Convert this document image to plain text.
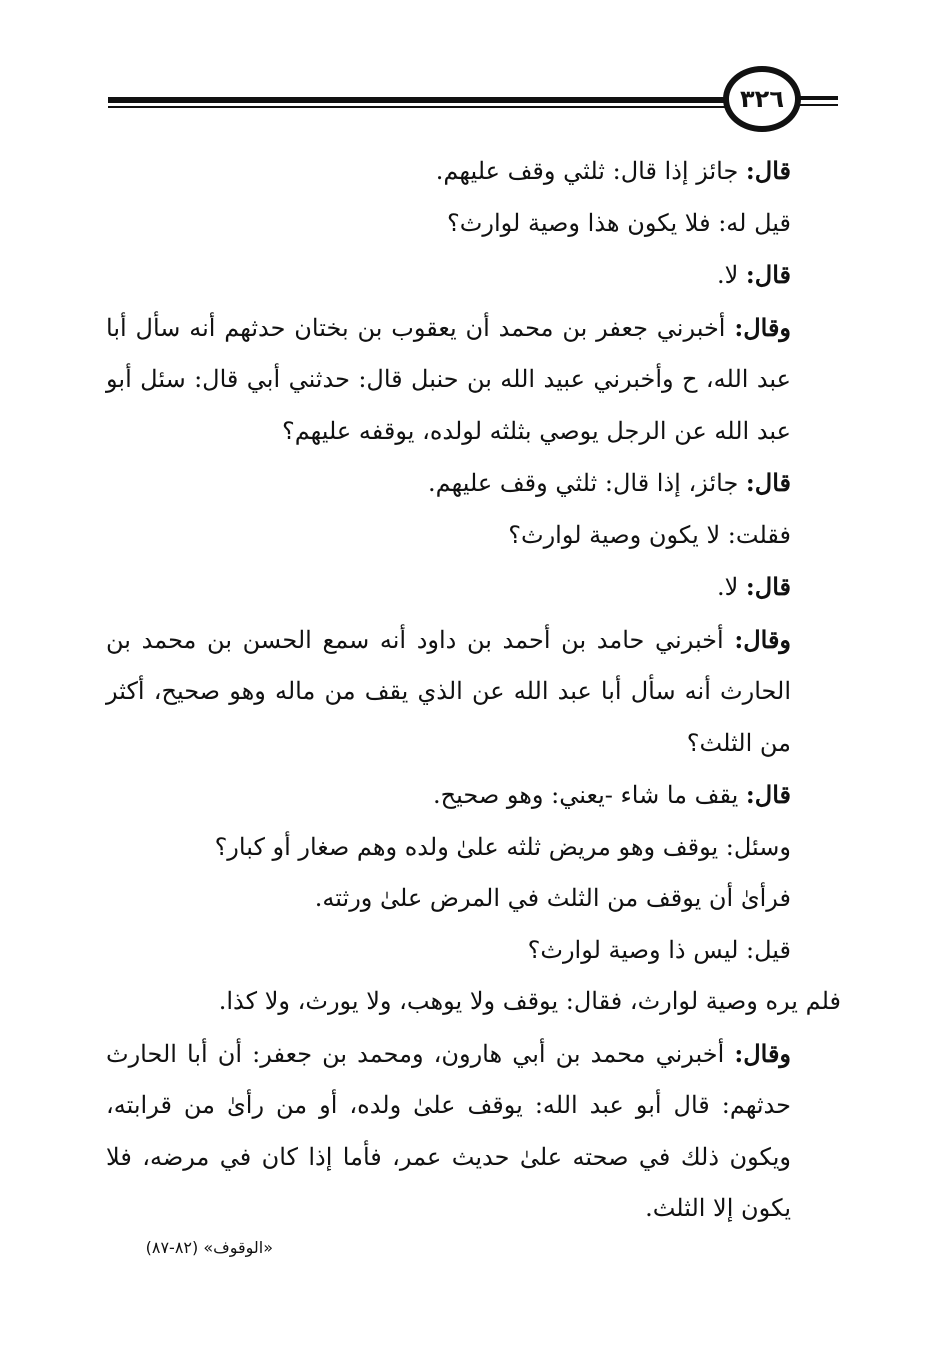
٣٢٦

قال: جائز إذا قال: ثلثي وقف عليهم.

قيل له: فلا يكون هذا وصية لوارث؟

قال: لا.

وقال: أخبرني جعفر بن محمد أن يعقوب بن بختان حدثهم أنه سأل أبا عبد الله، ح وأخبرني عبيد الله بن حنبل قال: حدثني أبي قال: سئل أبو عبد الله عن الرجل يوصي بثلثه لولده، يوقفه عليهم؟

قال: جائز، إذا قال: ثلثي وقف عليهم.

فقلت: لا يكون وصية لوارث؟

قال: لا.

وقال: أخبرني حامد بن أحمد بن داود أنه سمع الحسن بن محمد بن الحارث أنه سأل أبا عبد الله عن الذي يقف من ماله وهو صحيح، أكثر من الثلث؟

قال: يقف ما شاء -يعني: وهو صحيح.

وسئل: يوقف وهو مريض ثلثه علىٰ ولده وهم صغار أو كبار؟

فرأىٰ أن يوقف من الثلث في المرض علىٰ ورثته.

قيل: ليس ذا وصية لوارث؟

فلم يره وصية لوارث، فقال: يوقف ولا يوهب، ولا يورث، ولا كذا.

وقال: أخبرني محمد بن أبي هارون، ومحمد بن جعفر: أن أبا الحارث حدثهم: قال أبو عبد الله: يوقف علىٰ ولده، أو من رأىٰ من قرابته، ويكون ذلك في صحته علىٰ حديث عمر، فأما إذا كان في مرضه، فلا يكون إلا الثلث.

«الوقوف» (٨٢-٨٧)
